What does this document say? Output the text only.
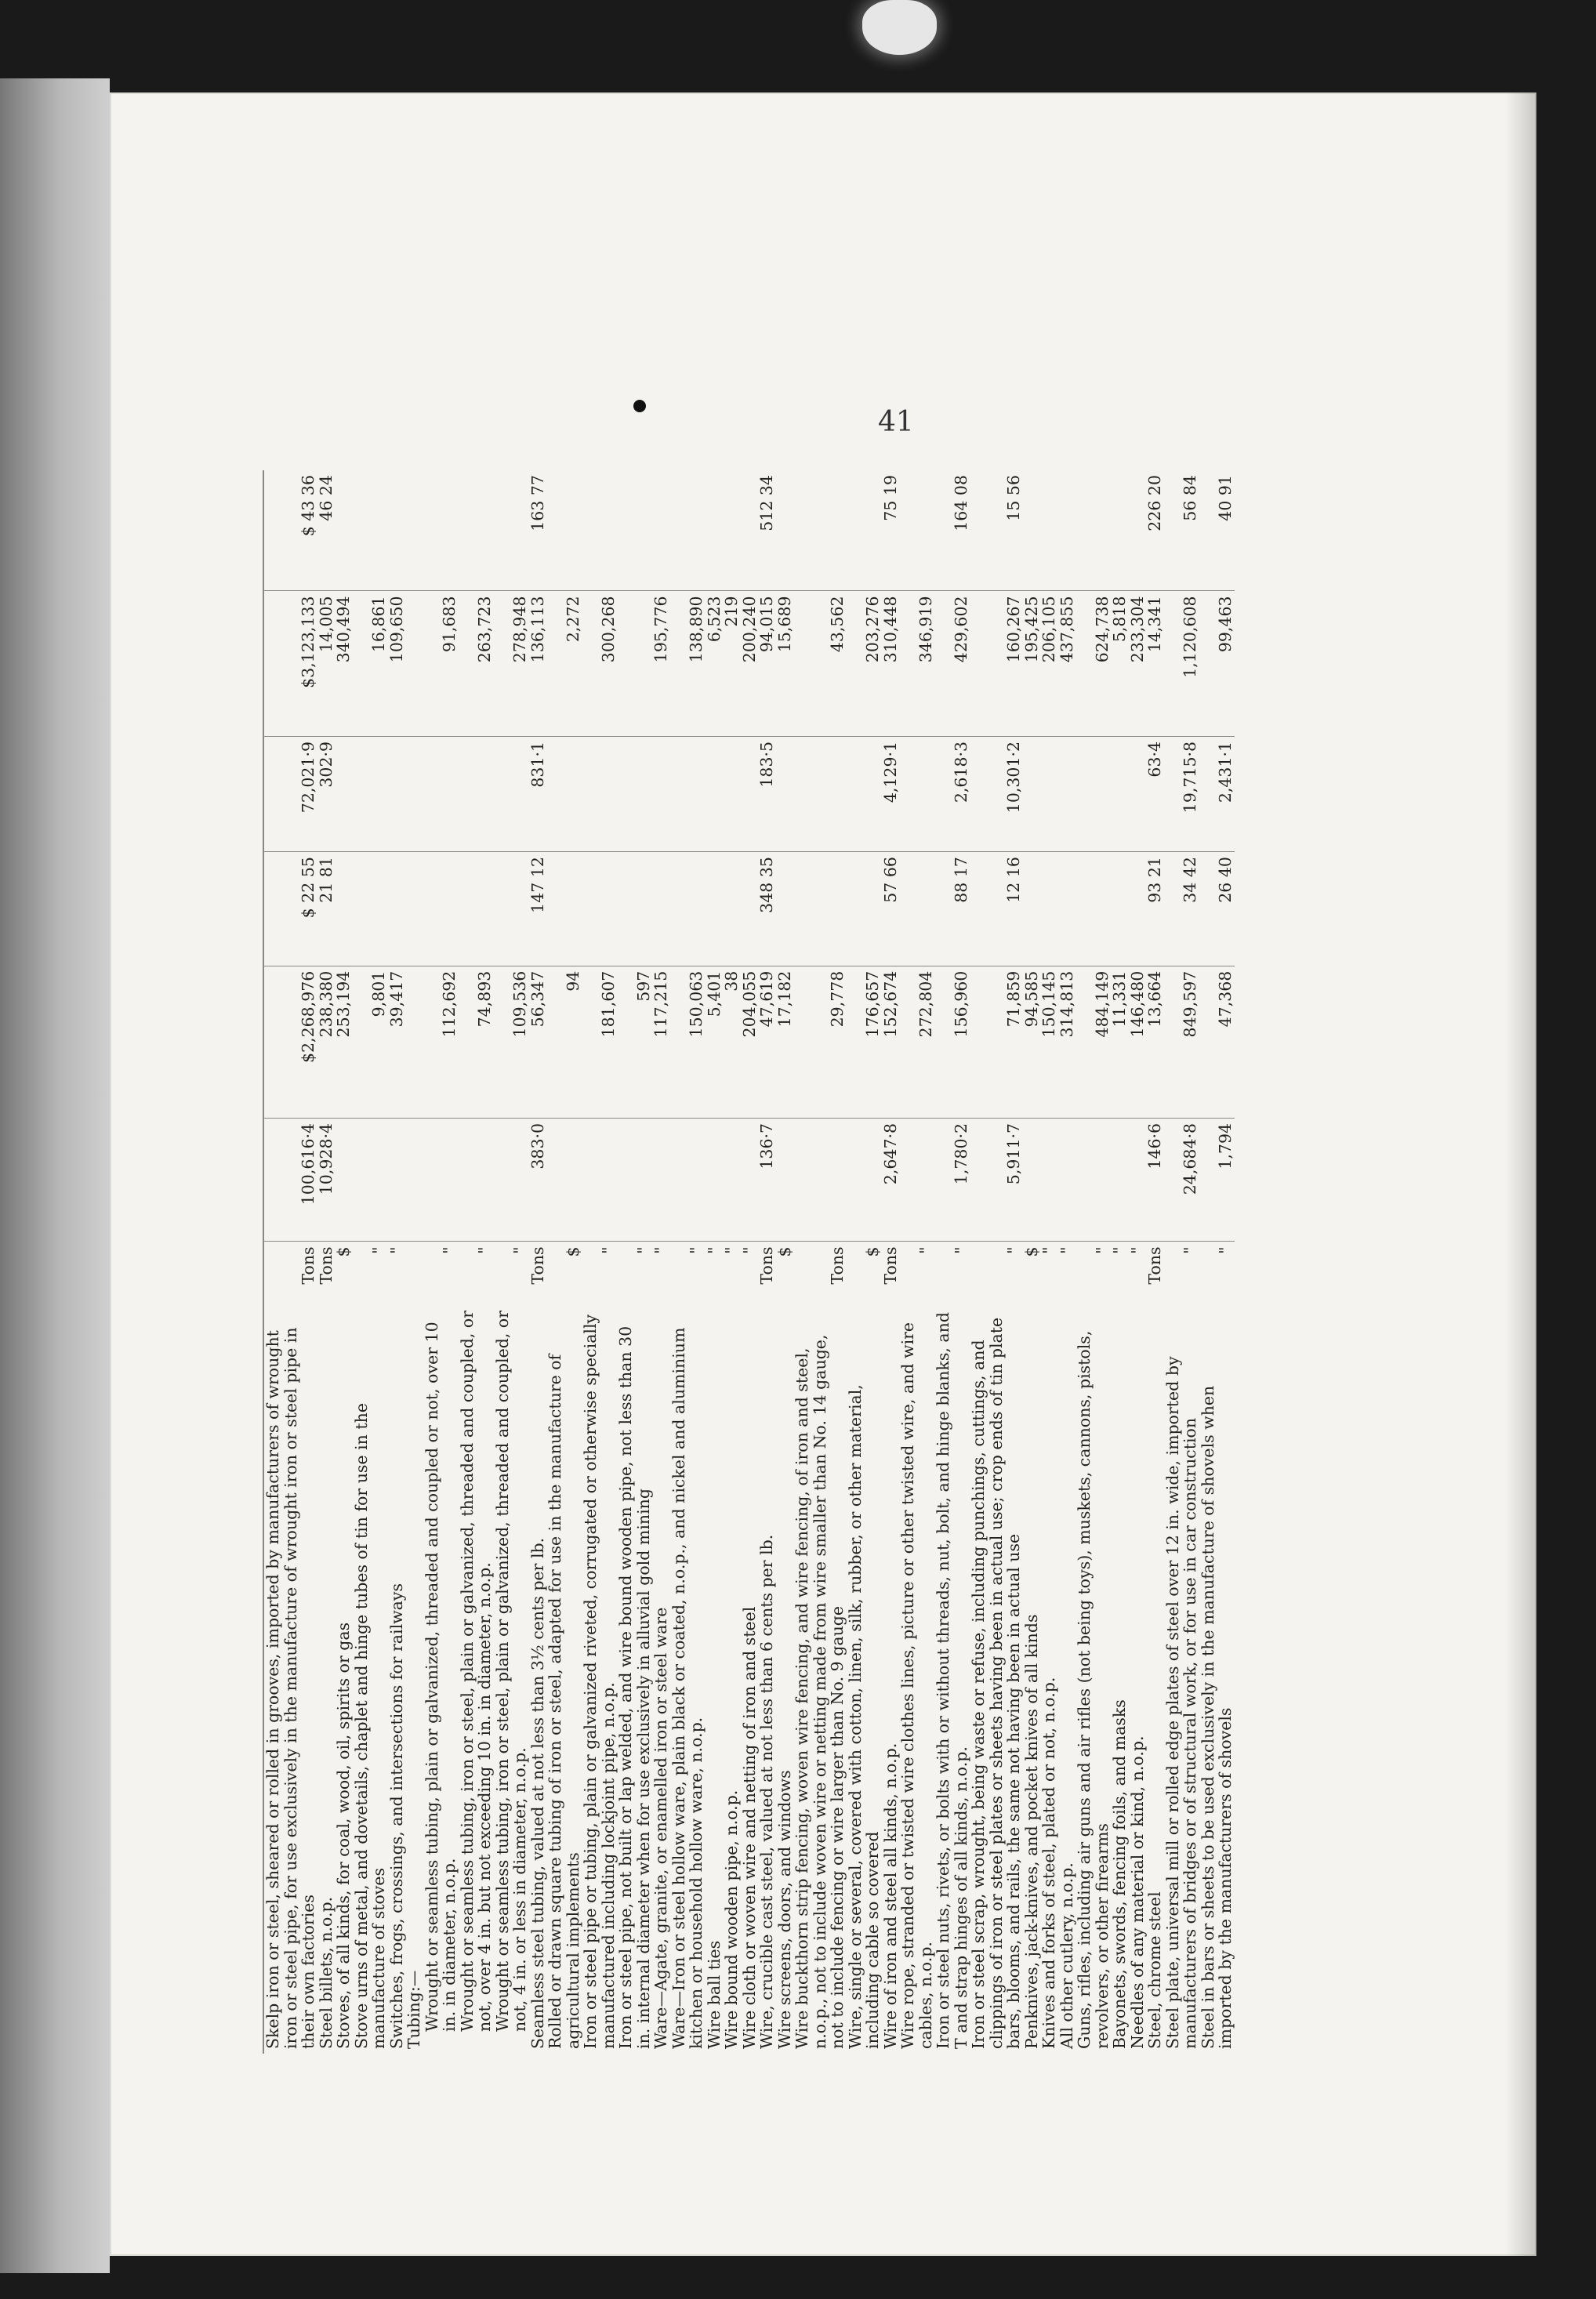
41
Skelp iron or steel, sheared or rolled in grooves, imported by manufacturers of wrought iron or steel pipe, for use exclusively in the manufacture of wrought iron or steel pipe in their own factories	Tons	100,616·4	$2,268,976	$ 22 55	72,021·9	$3,123,133	$ 43 36
Steel billets, n.o.p.	Tons	10,928·4	238,380	21 81	302·9	14,005	46 24
Stoves, of all kinds, for coal, wood, oil, spirits or gas	$		253,194			340,494	
Stove urns of metal, and dovetails, chaplet and hinge tubes of tin for use in the manufacture of stoves	"		9,801			16,861	
Switches, frogs, crossings, and intersections for railways	"		39,417			109,650	
Tubing:—							
Wrought or seamless tubing, plain or galvanized, threaded and coupled or not, over 10 in. in diameter, n.o.p.	"		112,692			91,683	
Wrought or seamless tubing, iron or steel, plain or galvanized, threaded and coupled, or not, over 4 in. but not exceeding 10 in. in diameter, n.o.p.	"		74,893			263,723	
Wrought or seamless tubing, iron or steel, plain or galvanized, threaded and coupled, or not, 4 in. or less in diameter, n.o.p.	"		109,536			278,948	
Seamless steel tubing, valued at not less than 3½ cents per lb.	Tons	383·0	56,347	147 12	831·1	136,113	163 77
Rolled or drawn square tubing of iron or steel, adapted for use in the manufacture of agricultural implements	$		94			2,272	
Iron or steel pipe or tubing, plain or galvanized riveted, corrugated or otherwise specially manufactured including lockjoint pipe, n.o.p.	"		181,607			300,268	
Iron or steel pipe, not built or lap welded, and wire bound wooden pipe, not less than 30 in. internal diameter when for use exclusively in alluvial gold mining	"		597				
Ware—Agate, granite, or enamelled iron or steel ware	"		117,215			195,776	
Ware—Iron or steel hollow ware, plain black or coated, n.o.p., and nickel and aluminium kitchen or household hollow ware, n.o.p.	"		150,063			138,890	
Wire ball ties	"		5,401			6,523	
Wire bound wooden pipe, n.o.p.	"		38			219	
Wire cloth or woven wire and netting of iron and steel	"		204,055			200,240	
Wire, crucible cast steel, valued at not less than 6 cents per lb.	Tons	136·7	47,619	348 35	183·5	94,015	512 34
Wire screens, doors, and windows	$		17,182			15,689	
Wire buckthorn strip fencing, woven wire fencing, and wire fencing, of iron and steel, n.o.p., not to include woven wire or netting made from wire smaller than No. 14 gauge, not to include fencing or wire larger than No. 9 gauge	Tons		29,778			43,562	
Wire, single or several, covered with cotton, linen, silk, rubber, or other material, including cable so covered	$		176,657			203,276	
Wire of iron and steel all kinds, n.o.p.	Tons	2,647·8	152,674	57 66	4,129·1	310,448	75 19
Wire rope, stranded or twisted wire clothes lines, picture or other twisted wire, and wire cables, n.o.p.	"		272,804			346,919	
Iron or steel nuts, rivets, or bolts with or without threads, nut, bolt, and hinge blanks, and T and strap hinges of all kinds, n.o.p.	"	1,780·2	156,960	88 17	2,618·3	429,602	164 08
Iron or steel scrap, wrought, being waste or refuse, including punchings, cuttings, and clippings of iron or steel plates or sheets having been in actual use; crop ends of tin plate bars, blooms, and rails, the same not having been in actual use	"	5,911·7	71,859	12 16	10,301·2	160,267	15 56
Penknives, jack-knives, and pocket knives of all kinds	$		94,585			195,425	
Knives and forks of steel, plated or not, n.o.p.	"		150,145			206,105	
All other cutlery, n.o.p.	"		314,813			437,855	
Guns, rifles, including air guns and air rifles (not being toys), muskets, cannons, pistols, revolvers, or other firearms	"		484,149			624,738	
Bayonets, swords, fencing foils, and masks	"		11,331			5,818	
Needles of any material or kind, n.o.p.	"		146,480			233,304	
Steel, chrome steel	Tons	146·6	13,664	93 21	63·4	14,341	226 20
Steel plate, universal mill or rolled edge plates of steel over 12 in. wide, imported by manufacturers of bridges or of structural work, or for use in car construction	"	24,684·8	849,597	34 42	19,715·8	1,120,608	56 84
Steel in bars or sheets to be used exclusively in the manufacture of shovels when imported by the manufacturers of shovels	"	1,794	47,368	26 40	2,431·1	99,463	40 91
